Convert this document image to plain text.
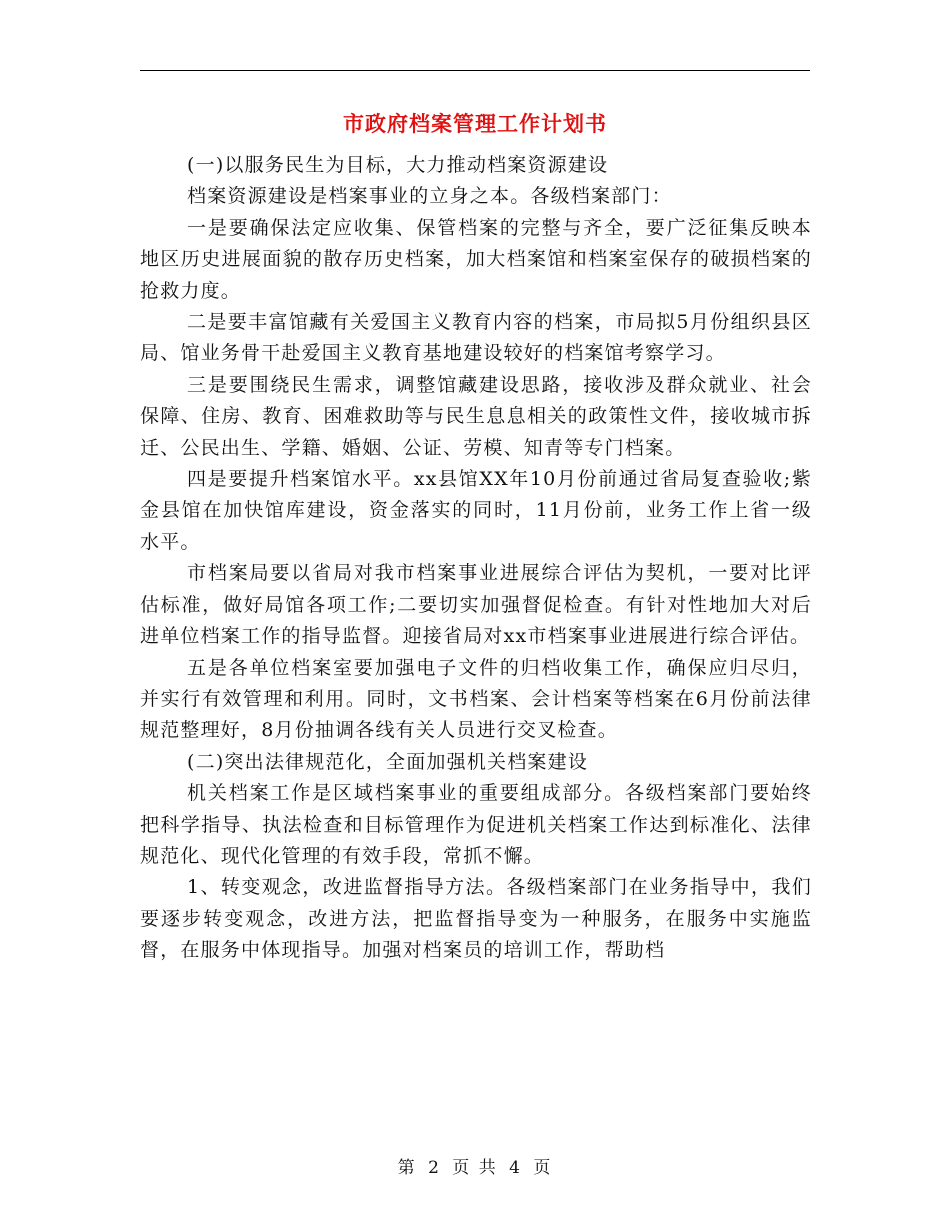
市政府档案管理工作计划书

(一)以服务民生为目标，大力推动档案资源建设

档案资源建设是档案事业的立身之本。各级档案部门：

一是要确保法定应收集、保管档案的完整与齐全，要广泛征集反映本地区历史进展面貌的散存历史档案，加大档案馆和档案室保存的破损档案的抢救力度。

二是要丰富馆藏有关爱国主义教育内容的档案，市局拟5月份组织县区局、馆业务骨干赴爱国主义教育基地建设较好的档案馆考察学习。

三是要围绕民生需求，调整馆藏建设思路，接收涉及群众就业、社会保障、住房、教育、困难救助等与民生息息相关的政策性文件，接收城市拆迁、公民出生、学籍、婚姻、公证、劳模、知青等专门档案。

四是要提升档案馆水平。xx县馆XX年10月份前通过省局复查验收;紫金县馆在加快馆库建设，资金落实的同时，11月份前，业务工作上省一级水平。

市档案局要以省局对我市档案事业进展综合评估为契机，一要对比评估标准，做好局馆各项工作;二要切实加强督促检查。有针对性地加大对后进单位档案工作的指导监督。迎接省局对xx市档案事业进展进行综合评估。

五是各单位档案室要加强电子文件的归档收集工作，确保应归尽归，并实行有效管理和利用。同时，文书档案、会计档案等档案在6月份前法律规范整理好，8月份抽调各线有关人员进行交叉检查。

(二)突出法律规范化，全面加强机关档案建设

机关档案工作是区域档案事业的重要组成部分。各级档案部门要始终把科学指导、执法检查和目标管理作为促进机关档案工作达到标准化、法律规范化、现代化管理的有效手段，常抓不懈。

1、转变观念，改进监督指导方法。各级档案部门在业务指导中，我们要逐步转变观念，改进方法，把监督指导变为一种服务，在服务中实施监督，在服务中体现指导。加强对档案员的培训工作，帮助档

第 2 页 共 4 页
